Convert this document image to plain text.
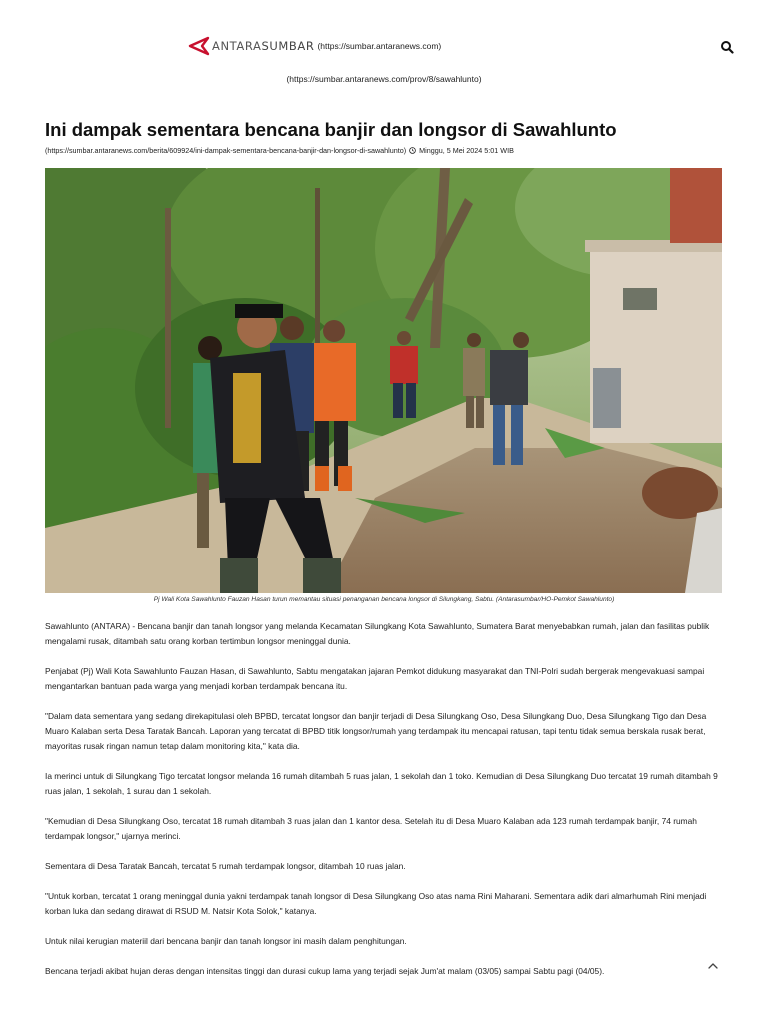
ANTARASUMBAR (https://sumbar.antaranews.com)
(https://sumbar.antaranews.com/prov/8/sawahlunto)
Ini dampak sementara bencana banjir dan longsor di Sawahlunto
(https://sumbar.antaranews.com/berita/609924/ini-dampak-sementara-bencana-banjir-dan-longsor-di-sawahlunto) Minggu, 5 Mei 2024 5:01 WIB
Pj Wali Kota Sawahlunto Fauzan Hasan turun memantau situasi penanganan bencana longsor di Silungkang, Sabtu. (Antarasumbar/HO-Pemkot Sawahlunto)

Sawahlunto (ANTARA) - Bencana banjir dan tanah longsor yang melanda Kecamatan Silungkang Kota Sawahlunto, Sumatera Barat menyebabkan rumah, jalan dan fasilitas publik mengalami rusak, ditambah satu orang korban tertimbun longsor meninggal dunia.

Penjabat (Pj) Wali Kota Sawahlunto Fauzan Hasan, di Sawahlunto, Sabtu mengatakan jajaran Pemkot didukung masyarakat dan TNI-Polri sudah bergerak mengevakuasi sampai mengantarkan bantuan pada warga yang menjadi korban terdampak bencana itu.

"Dalam data sementara yang sedang direkapitulasi oleh BPBD, tercatat longsor dan banjir terjadi di Desa Silungkang Oso, Desa Silungkang Duo, Desa Silungkang Tigo dan Desa Muaro Kalaban serta Desa Taratak Bancah. Laporan yang tercatat di BPBD titik longsor/rumah yang terdampak itu mencapai ratusan, tapi tentu tidak semua berskala rusak berat, mayoritas rusak ringan namun tetap dalam monitoring kita," kata dia.

Ia merinci untuk di Silungkang Tigo tercatat longsor melanda 16 rumah ditambah 5 ruas jalan, 1 sekolah dan 1 toko. Kemudian di Desa Silungkang Duo tercatat 19 rumah ditambah 9 ruas jalan, 1 sekolah, 1 surau dan 1 sekolah.

"Kemudian di Desa Silungkang Oso, tercatat 18 rumah ditambah 3 ruas jalan dan 1 kantor desa. Setelah itu di Desa Muaro Kalaban ada 123 rumah terdampak banjir, 74 rumah terdampak longsor," ujarnya merinci.

Sementara di Desa Taratak Bancah, tercatat 5 rumah terdampak longsor, ditambah 10 ruas jalan.

"Untuk korban, tercatat 1 orang meninggal dunia yakni terdampak tanah longsor di Desa Silungkang Oso atas nama Rini Maharani. Sementara adik dari almarhumah Rini menjadi korban luka dan sedang dirawat di RSUD M. Natsir Kota Solok," katanya.

Untuk nilai kerugian materiil dari bencana banjir dan tanah longsor ini masih dalam penghitungan.

Bencana terjadi akibat hujan deras dengan intensitas tinggi dan durasi cukup lama yang terjadi sejak Jum'at malam (03/05) sampai Sabtu pagi (04/05).
